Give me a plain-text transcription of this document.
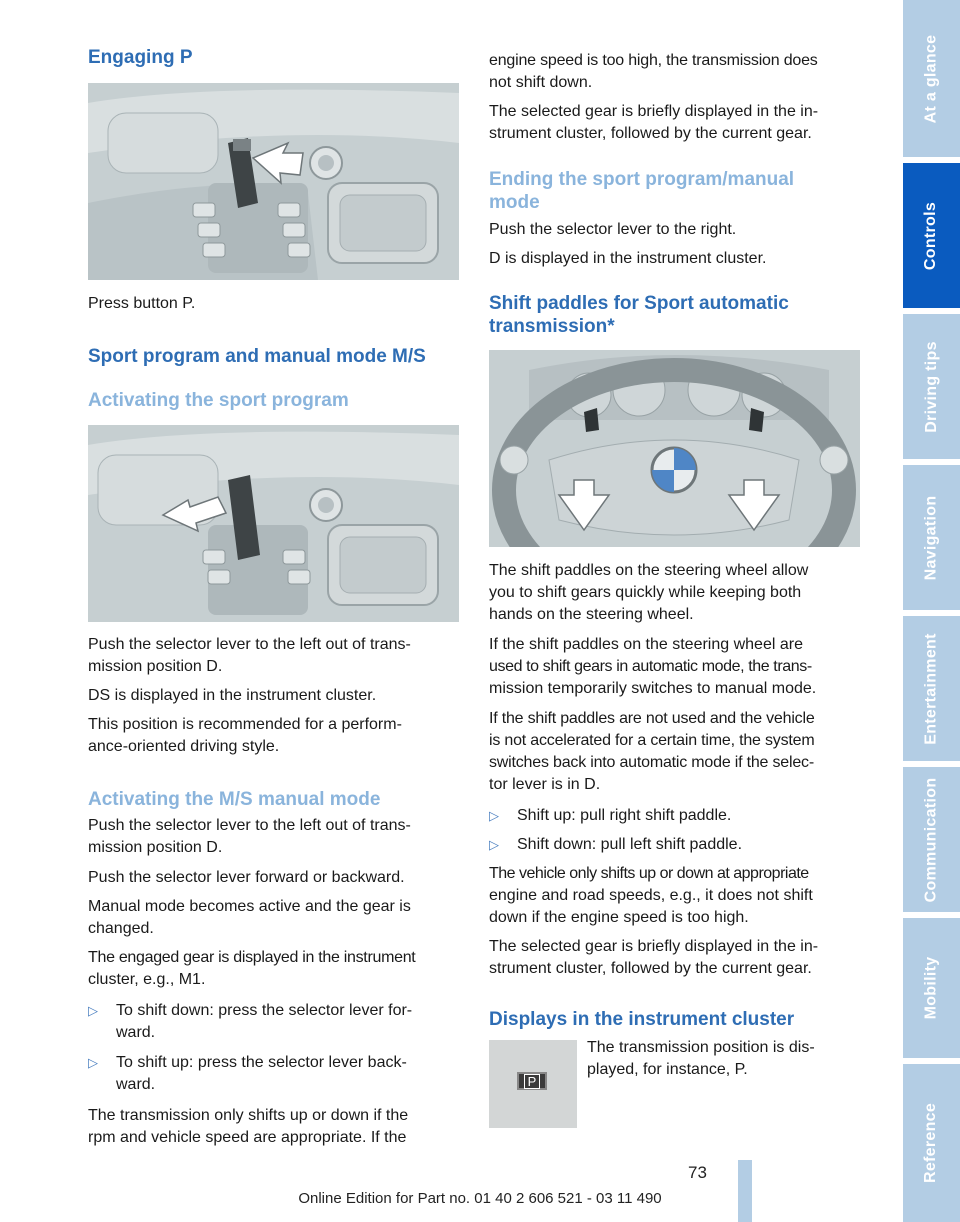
Engaging P
Press button P.
Sport program and manual mode M/S
Activating the sport program
Push the selector lever to the left out of trans-
mission position D.
DS is displayed in the instrument cluster.
This position is recommended for a perform-
ance-oriented driving style.
Activating the M/S manual mode
Push the selector lever to the left out of trans-
mission position D.
Push the selector lever forward or backward.
Manual mode becomes active and the gear is
changed.
The engaged gear is displayed in the instrument
cluster, e.g., M1.
▷ To shift down: press the selector lever for-
ward.
▷ To shift up: press the selector lever back-
ward.
The transmission only shifts up or down if the
rpm and vehicle speed are appropriate. If the
engine speed is too high, the transmission does
not shift down.
The selected gear is briefly displayed in the in-
strument cluster, followed by the current gear.
Ending the sport program/manual
mode
Push the selector lever to the right.
D is displayed in the instrument cluster.
Shift paddles for Sport automatic
transmission*
The shift paddles on the steering wheel allow
you to shift gears quickly while keeping both
hands on the steering wheel.
If the shift paddles on the steering wheel are
used to shift gears in automatic mode, the trans-
mission temporarily switches to manual mode.
If the shift paddles are not used and the vehicle
is not accelerated for a certain time, the system
switches back into automatic mode if the selec-
tor lever is in D.
▷ Shift up: pull right shift paddle.
▷ Shift down: pull left shift paddle.
The vehicle only shifts up or down at appropriate
engine and road speeds, e.g., it does not shift
down if the engine speed is too high.
The selected gear is briefly displayed in the in-
strument cluster, followed by the current gear.
Displays in the instrument cluster
P
The transmission position is dis-
played, for instance, P.
At a glance
Controls
Driving tips
Navigation
Entertainment
Communication
Mobility
Reference
73
Online Edition for Part no. 01 40 2 606 521 - 03 11 490
